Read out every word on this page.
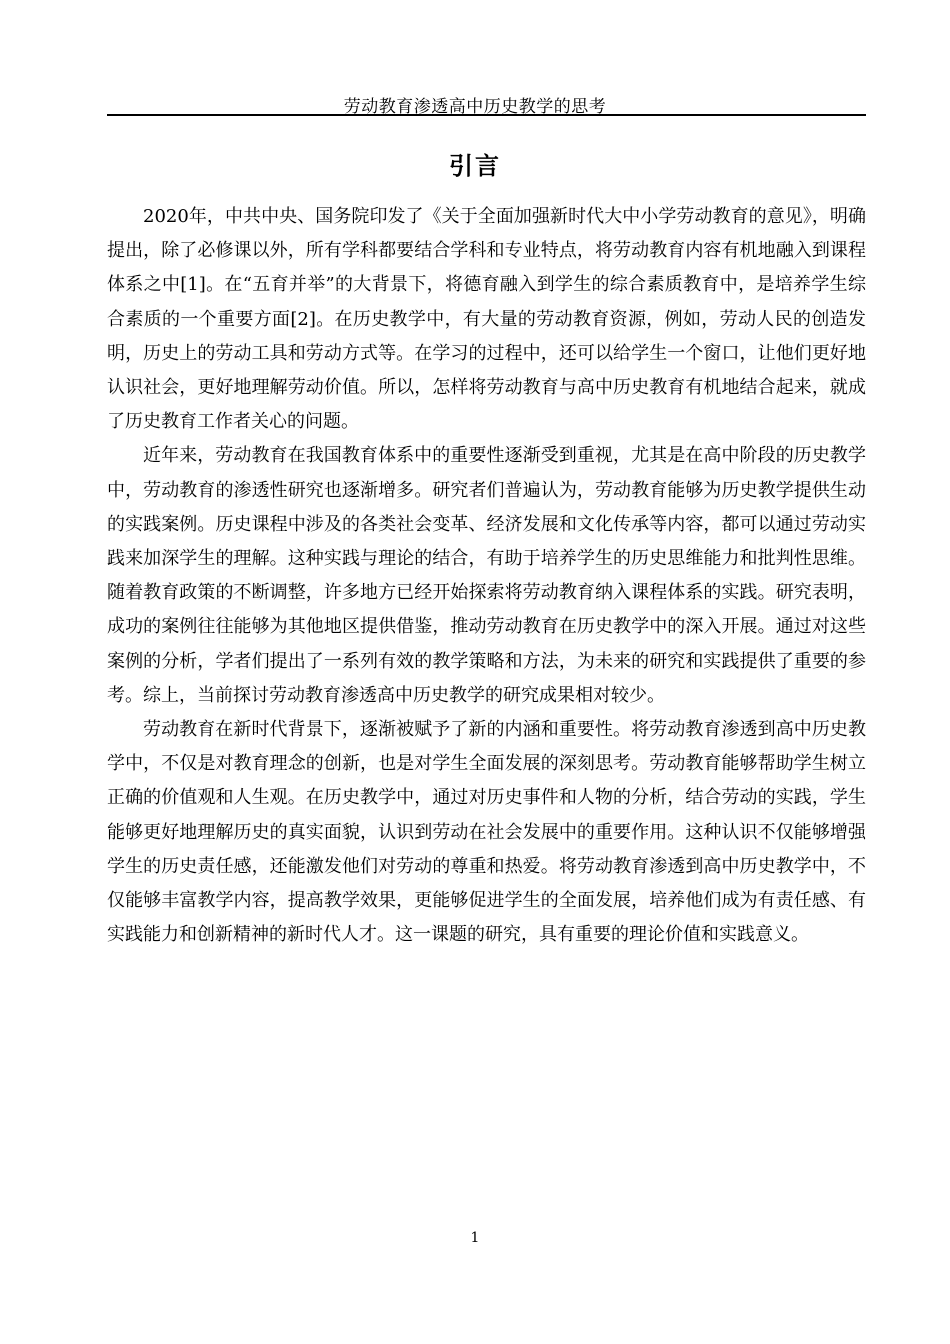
劳动教育渗透高中历史教学的思考
引言

2020年，中共中央、国务院印发了《关于全面加强新时代大中小学劳动教育的意见》，明确提出，除了必修课以外，所有学科都要结合学科和专业特点，将劳动教育内容有机地融入到课程体系之中[1]。在“五育并举”的大背景下，将德育融入到学生的综合素质教育中，是培养学生综合素质的一个重要方面[2]。在历史教学中，有大量的劳动教育资源，例如，劳动人民的创造发明，历史上的劳动工具和劳动方式等。在学习的过程中，还可以给学生一个窗口，让他们更好地认识社会，更好地理解劳动价值。所以，怎样将劳动教育与高中历史教育有机地结合起来，就成了历史教育工作者关心的问题。

近年来，劳动教育在我国教育体系中的重要性逐渐受到重视，尤其是在高中阶段的历史教学中，劳动教育的渗透性研究也逐渐增多。研究者们普遍认为，劳动教育能够为历史教学提供生动的实践案例。历史课程中涉及的各类社会变革、经济发展和文化传承等内容，都可以通过劳动实践来加深学生的理解。这种实践与理论的结合，有助于培养学生的历史思维能力和批判性思维。随着教育政策的不断调整，许多地方已经开始探索将劳动教育纳入课程体系的实践。研究表明，成功的案例往往能够为其他地区提供借鉴，推动劳动教育在历史教学中的深入开展。通过对这些案例的分析，学者们提出了一系列有效的教学策略和方法，为未来的研究和实践提供了重要的参考。综上，当前探讨劳动教育渗透高中历史教学的研究成果相对较少。

劳动教育在新时代背景下，逐渐被赋予了新的内涵和重要性。将劳动教育渗透到高中历史教学中，不仅是对教育理念的创新，也是对学生全面发展的深刻思考。劳动教育能够帮助学生树立正确的价值观和人生观。在历史教学中，通过对历史事件和人物的分析，结合劳动的实践，学生能够更好地理解历史的真实面貌，认识到劳动在社会发展中的重要作用。这种认识不仅能够增强学生的历史责任感，还能激发他们对劳动的尊重和热爱。将劳动教育渗透到高中历史教学中，不仅能够丰富教学内容，提高教学效果，更能够促进学生的全面发展，培养他们成为有责任感、有实践能力和创新精神的新时代人才。这一课题的研究，具有重要的理论价值和实践意义。

1
